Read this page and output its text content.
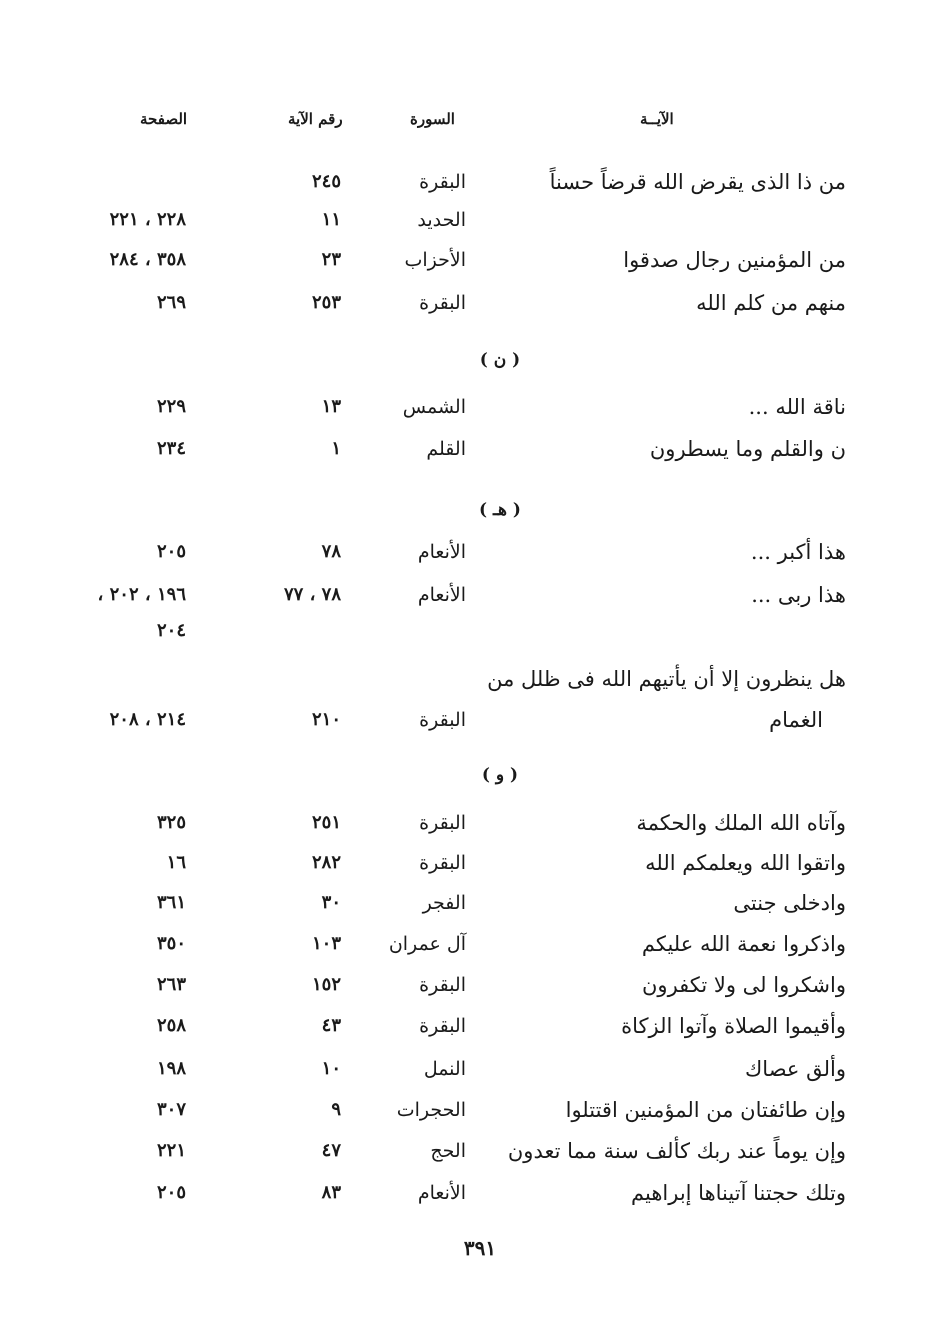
الآيــة
السورة
رقم الآية
الصفحة
من ذا الذى يقرض الله قرضاً حسناً
البقرة
٢٤٥
الحديد
١١
٢٢٨ ، ٢٢١
من المؤمنين رجال صدقوا
الأحزاب
٢٣
٣٥٨ ، ٢٨٤
منهم من كلم الله
البقرة
٢٥٣
٢٦٩
( ن )
ناقة الله ...
الشمس
١٣
٢٢٩
ن والقلم وما يسطرون
القلم
١
٢٣٤
( هـ )
هذا أكبر ...
الأنعام
٧٨
٢٠٥
هذا ربى ...
الأنعام
٧٨ ، ٧٧
١٩٦ ، ٢٠٢ ،
٢٠٤
هل ينظرون إلا أن يأتيهم الله فى ظلل من
الغمام
البقرة
٢١٠
٢١٤ ، ٢٠٨
( و )
وآتاه الله الملك والحكمة
البقرة
٢٥١
٣٢٥
واتقوا الله ويعلمكم الله
البقرة
٢٨٢
١٦
وادخلى جنتى
الفجر
٣٠
٣٦١
واذكروا نعمة الله عليكم
آل عمران
١٠٣
٣٥٠
واشكروا لى ولا تكفرون
البقرة
١٥٢
٢٦٣
وأقيموا الصلاة وآتوا الزكاة
البقرة
٤٣
٢٥٨
وألق عصاك
النمل
١٠
١٩٨
وإن طائفتان من المؤمنين اقتتلوا
الحجرات
٩
٣٠٧
وإن يوماً عند ربك كألف سنة مما تعدون
الحج
٤٧
٢٢١
وتلك حجتنا آتيناها إبراهيم
الأنعام
٨٣
٢٠٥
٣٩١
